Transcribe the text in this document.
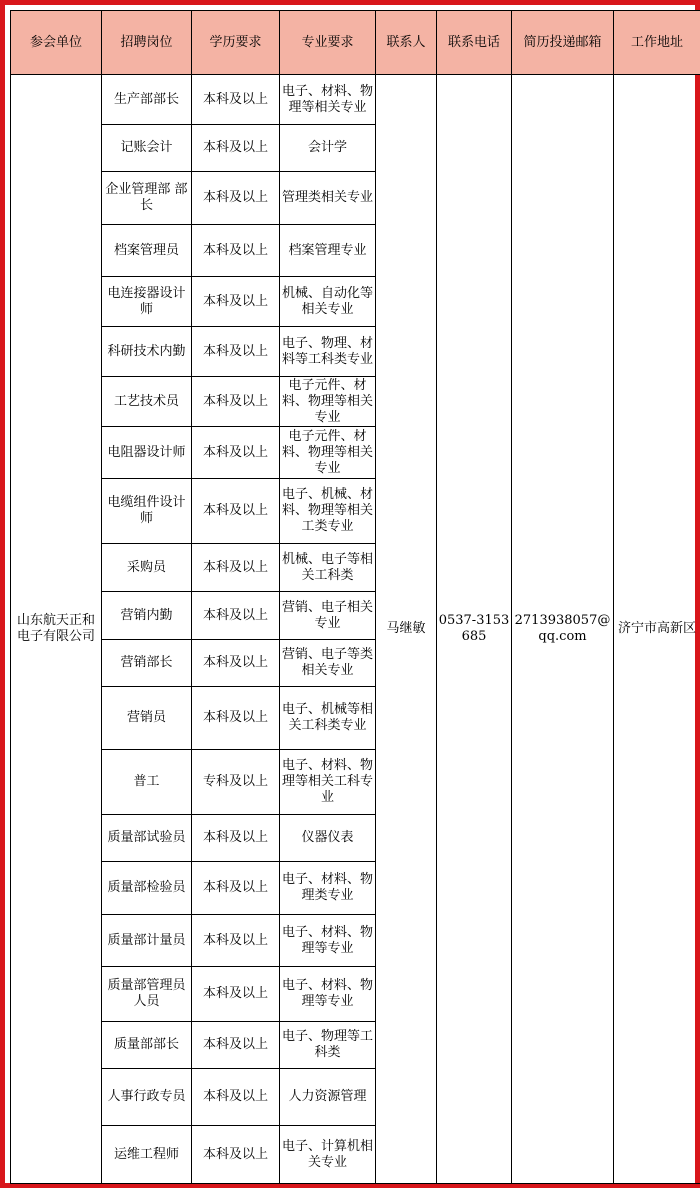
参会单位	招聘岗位	学历要求	专业要求	联系人	联系电话	简历投递邮箱	工作地址
山东航天正和电子有限公司	生产部部长	本科及以上	电子、材料、物理等相关专业	马继敏	0537-3153685	2713938057@qq.com	济宁市高新区
	记账会计	本科及以上	会计学				
	企业管理部 部长	本科及以上	管理类相关专业				
	档案管理员	本科及以上	档案管理专业				
	电连接器设计师	本科及以上	机械、自动化等相关专业				
	科研技术内勤	本科及以上	电子、物理、材料等工科类专业				
	工艺技术员	本科及以上	电子元件、材料、物理等相关专业				
	电阻器设计师	本科及以上	电子元件、材料、物理等相关专业				
	电缆组件设计师	本科及以上	电子、机械、材料、物理等相关工类专业				
	采购员	本科及以上	机械、电子等相关工科类				
	营销内勤	本科及以上	营销、电子相关专业				
	营销部长	本科及以上	营销、电子等类相关专业				
	营销员	本科及以上	电子、机械等相关工科类专业				
	普工	专科及以上	电子、材料、物理等相关工科专业				
	质量部试验员	本科及以上	仪器仪表				
	质量部检验员	本科及以上	电子、材料、物理类专业				
	质量部计量员	本科及以上	电子、材料、物理等专业				
	质量部管理员人员	本科及以上	电子、材料、物理等专业				
	质量部部长	本科及以上	电子、物理等工科类				
	人事行政专员	本科及以上	人力资源管理				
	运维工程师	本科及以上	电子、计算机相关专业				
